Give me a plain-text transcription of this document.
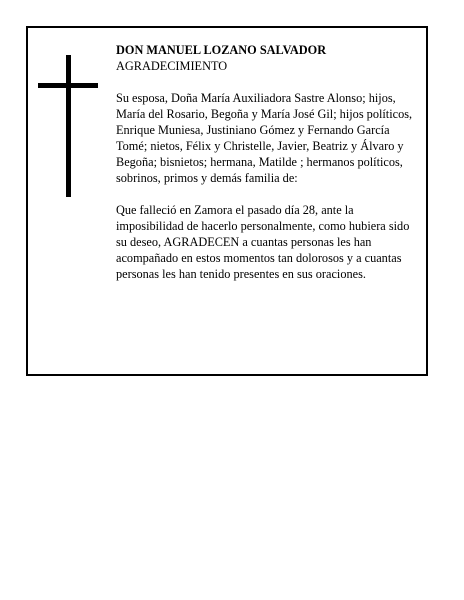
DON MANUEL LOZANO SALVADOR

AGRADECIMIENTO

Su esposa, Doña María Auxiliadora Sastre Alonso; hijos, María del Rosario, Begoña y María José Gil; hijos políticos, Enrique Muniesa, Justiniano Gómez y Fernando García Tomé; nietos, Félix y Christelle, Javier, Beatriz y Álvaro y Begoña; bisnietos; hermana, Matilde ; hermanos políticos, sobrinos, primos y demás familia de:

Que falleció en Zamora el pasado día 28, ante la imposibilidad de hacerlo personalmente, como hubiera sido su deseo, AGRADECEN a cuantas personas les han acompañado en estos momentos tan dolorosos y a cuantas personas les han tenido presentes en sus oraciones.
